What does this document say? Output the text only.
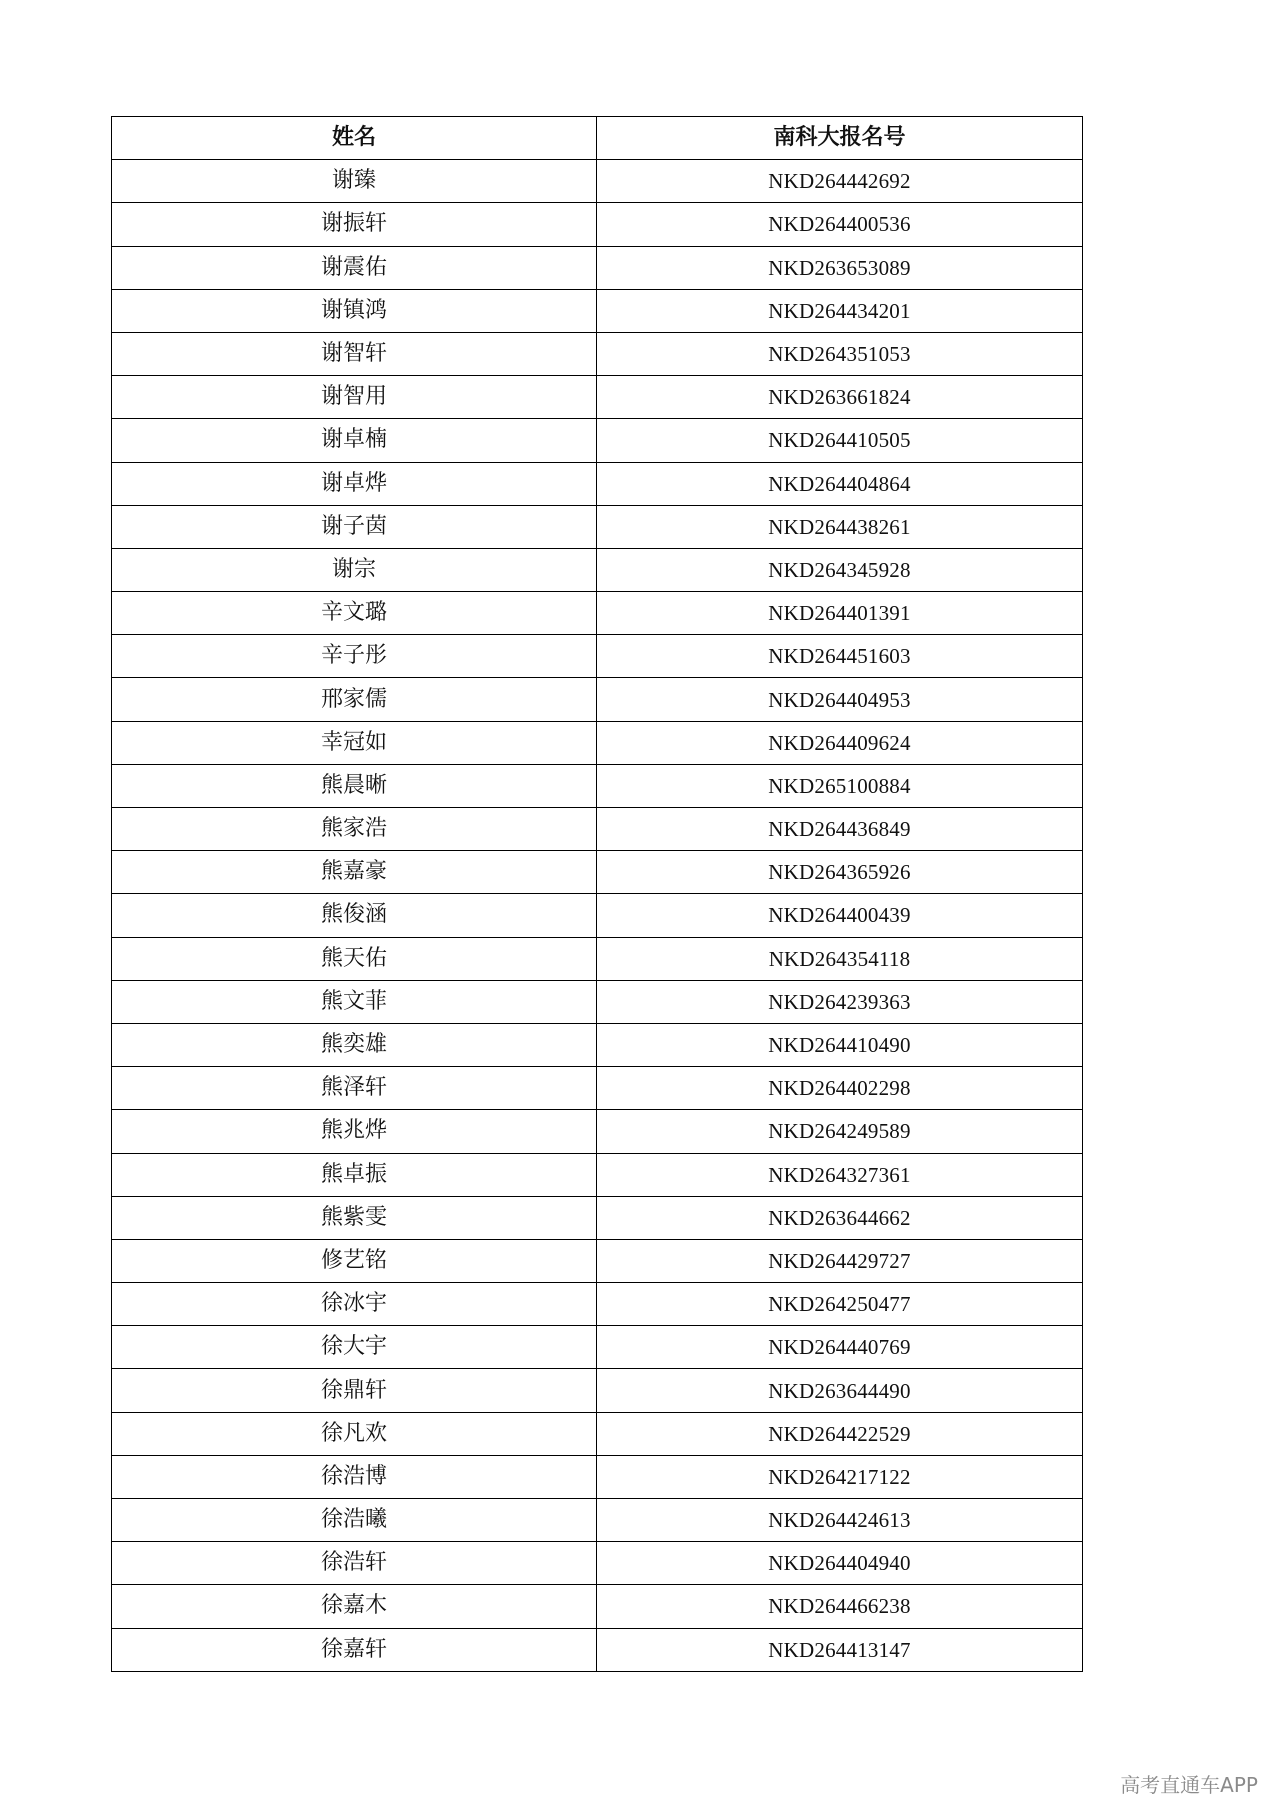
姓名	南科大报名号
谢臻	NKD264442692
谢振轩	NKD264400536
谢震佑	NKD263653089
谢镇鸿	NKD264434201
谢智轩	NKD264351053
谢智用	NKD263661824
谢卓楠	NKD264410505
谢卓烨	NKD264404864
谢子茵	NKD264438261
谢宗	NKD264345928
辛文璐	NKD264401391
辛子彤	NKD264451603
邢家儒	NKD264404953
幸冠如	NKD264409624
熊晨晰	NKD265100884
熊家浩	NKD264436849
熊嘉豪	NKD264365926
熊俊涵	NKD264400439
熊天佑	NKD264354118
熊文菲	NKD264239363
熊奕雄	NKD264410490
熊泽轩	NKD264402298
熊兆烨	NKD264249589
熊卓振	NKD264327361
熊紫雯	NKD263644662
修艺铭	NKD264429727
徐冰宇	NKD264250477
徐大宇	NKD264440769
徐鼎轩	NKD263644490
徐凡欢	NKD264422529
徐浩博	NKD264217122
徐浩曦	NKD264424613
徐浩轩	NKD264404940
徐嘉木	NKD264466238
徐嘉轩	NKD264413147
高考直通车APP
